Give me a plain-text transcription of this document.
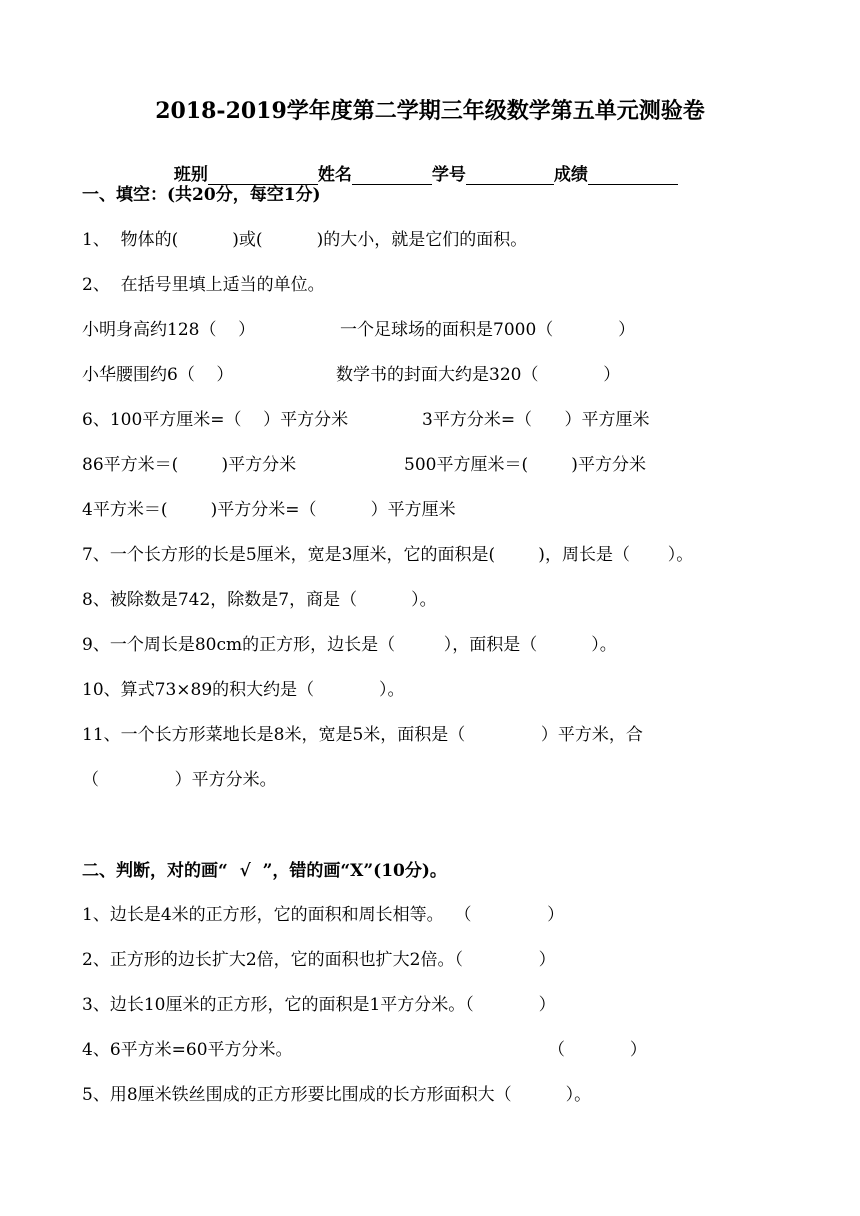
2018-2019学年度第二学期三年级数学第五单元测验卷

班别	姓名	学号	成绩

一、填空：(共20分，每空1分)
1、  物体的(          )或(          )的大小，就是它们的面积。
2、  在括号里填上适当的单位。
小明身高约128（    ）	一个足球场的面积是7000（            ）
小华腰围约6（    ）	数学书的封面大约是320（            ）
6、100平方厘米=（    ）平方分米	3平方分米=（      ）平方厘米
86平方米＝(        )平方分米	500平方厘米＝(        )平方分米
4平方米＝(        )平方分米=（          ）平方厘米
7、一个长方形的长是5厘米，宽是3厘米，它的面积是(        )，周长是（       ）。
8、被除数是742，除数是7，商是（          ）。
9、一个周长是80cm的正方形，边长是（         ），面积是（          ）。
10、算式73×89的积大约是（            ）。
11、一个长方形菜地长是8米，宽是5米，面积是（              ）平方米，合
（              ）平方分米。
二、判断，对的画“  √  ”，错的画“X”(10分)。
1、边长是4米的正方形，它的面积和周长相等。  （              ）
2、正方形的边长扩大2倍，它的面积也扩大2倍。（              ）
3、边长10厘米的正方形，它的面积是1平方分米。（            ）
4、6平方米=60平方分米。	（            ）
5、用8厘米铁丝围成的正方形要比围成的长方形面积大（          ）。
